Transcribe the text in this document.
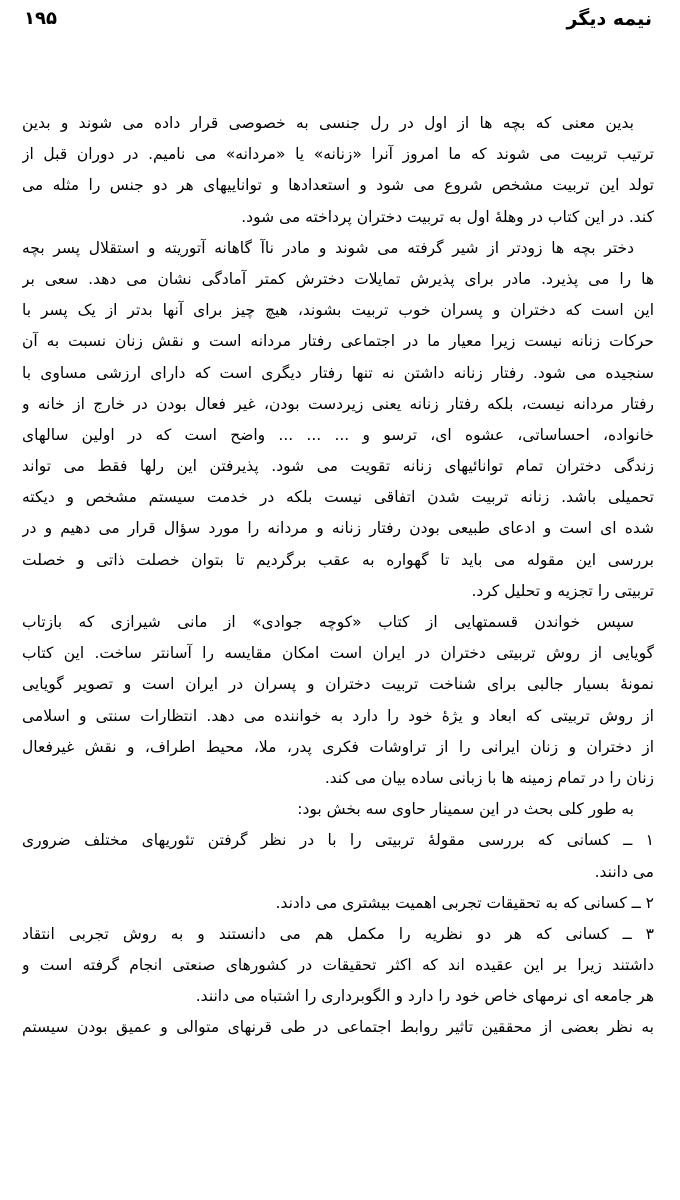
نیمه دیگر
۱۹۵
بدین معنی که بچه ها از اول در رل جنسی به خصوصی قرار داده می شوند و بدین
ترتیب تربیت می شوند که ما امروز آنرا «زنانه» یا «مردانه» می نامیم. در دوران قبل از
تولد این تربیت مشخص شروع می شود و استعدادها و تواناییهای هر دو جنس را مثله می
کند. در این کتاب در وهلهٔ اول به تربیت دختران پرداخته می شود.
دختر بچه ها زودتر از شیر گرفته می شوند و مادر ناآ گاهانه آتوریته و استقلال پسر بچه
ها را می پذیرد. مادر برای پذیرش تمایلات دخترش کمتر آمادگی نشان می دهد. سعی بر
این است که دختران و پسران خوب تربیت بشوند، هیچ چیز برای آنها بدتر از یک پسر با
حرکات زنانه نیست زیرا معیار ما در اجتماعی رفتار مردانه است و نقش زنان نسبت به آن
سنجیده می شود. رفتار زنانه داشتن نه تنها رفتار دیگری است که دارای ارزشی مساوی با
رفتار مردانه نیست، بلکه رفتار زنانه یعنی زیردست بودن، غیر فعال بودن در خارج از خانه و
خانواده، احساساتی، عشوه ای، ترسو و ... ... ... واضح است که در اولین سالهای
زندگی دختران تمام توانائیهای زنانه تقویت می شود. پذیرفتن این رلها فقط می تواند
تحمیلی باشد. زنانه تربیت شدن اتفاقی نیست بلکه در خدمت سیستم مشخص و دیکته
شده ای است و ادعای طبیعی بودن رفتار زنانه و مردانه را مورد سؤال قرار می دهیم و در
بررسی این مقوله می باید تا گهواره به عقب برگردیم تا بتوان خصلت ذاتی و خصلت
تربیتی را تجزیه و تحلیل کرد.
سپس خواندن قسمتهایی از کتاب «کوچه جوادی» از مانی شیرازی که بازتاب
گویایی از روش تربیتی دختران در ایران است امکان مقایسه را آسانتر ساخت. این کتاب
نمونهٔ بسیار جالبی برای شناخت تربیت دختران و پسران در ایران است و تصویر گویایی
از روش تربیتی که ابعاد و یژهٔ خود را دارد به خواننده می دهد. انتظارات سنتی و اسلامی
از دختران و زنان ایرانی را از تراوشات فکری پدر، ملا، محیط اطراف، و نقش غیرفعال
زنان را در تمام زمینه ها با زبانی ساده بیان می کند.
به طور کلی بحث در این سمینار حاوی سه بخش بود:
۱ ــ کسانی که بررسی مقولهٔ تربیتی را با در نظر گرفتن تئوریهای مختلف ضروری
می دانند.
۲ ــ کسانی که به تحقیقات تجربی اهمیت بیشتری می دادند.
۳ ــ کسانی که هر دو نظریه را مکمل هم می دانستند و به روش تجربی انتقاد
داشتند زیرا بر این عقیده اند که اکثر تحقیقات در کشورهای صنعتی انجام گرفته است و
هر جامعه ای نرمهای خاص خود را دارد و الگوبرداری را اشتباه می دانند.
به نظر بعضی از محققین تاثیر روابط اجتماعی در طی قرنهای متوالی و عمیق بودن سیستم
